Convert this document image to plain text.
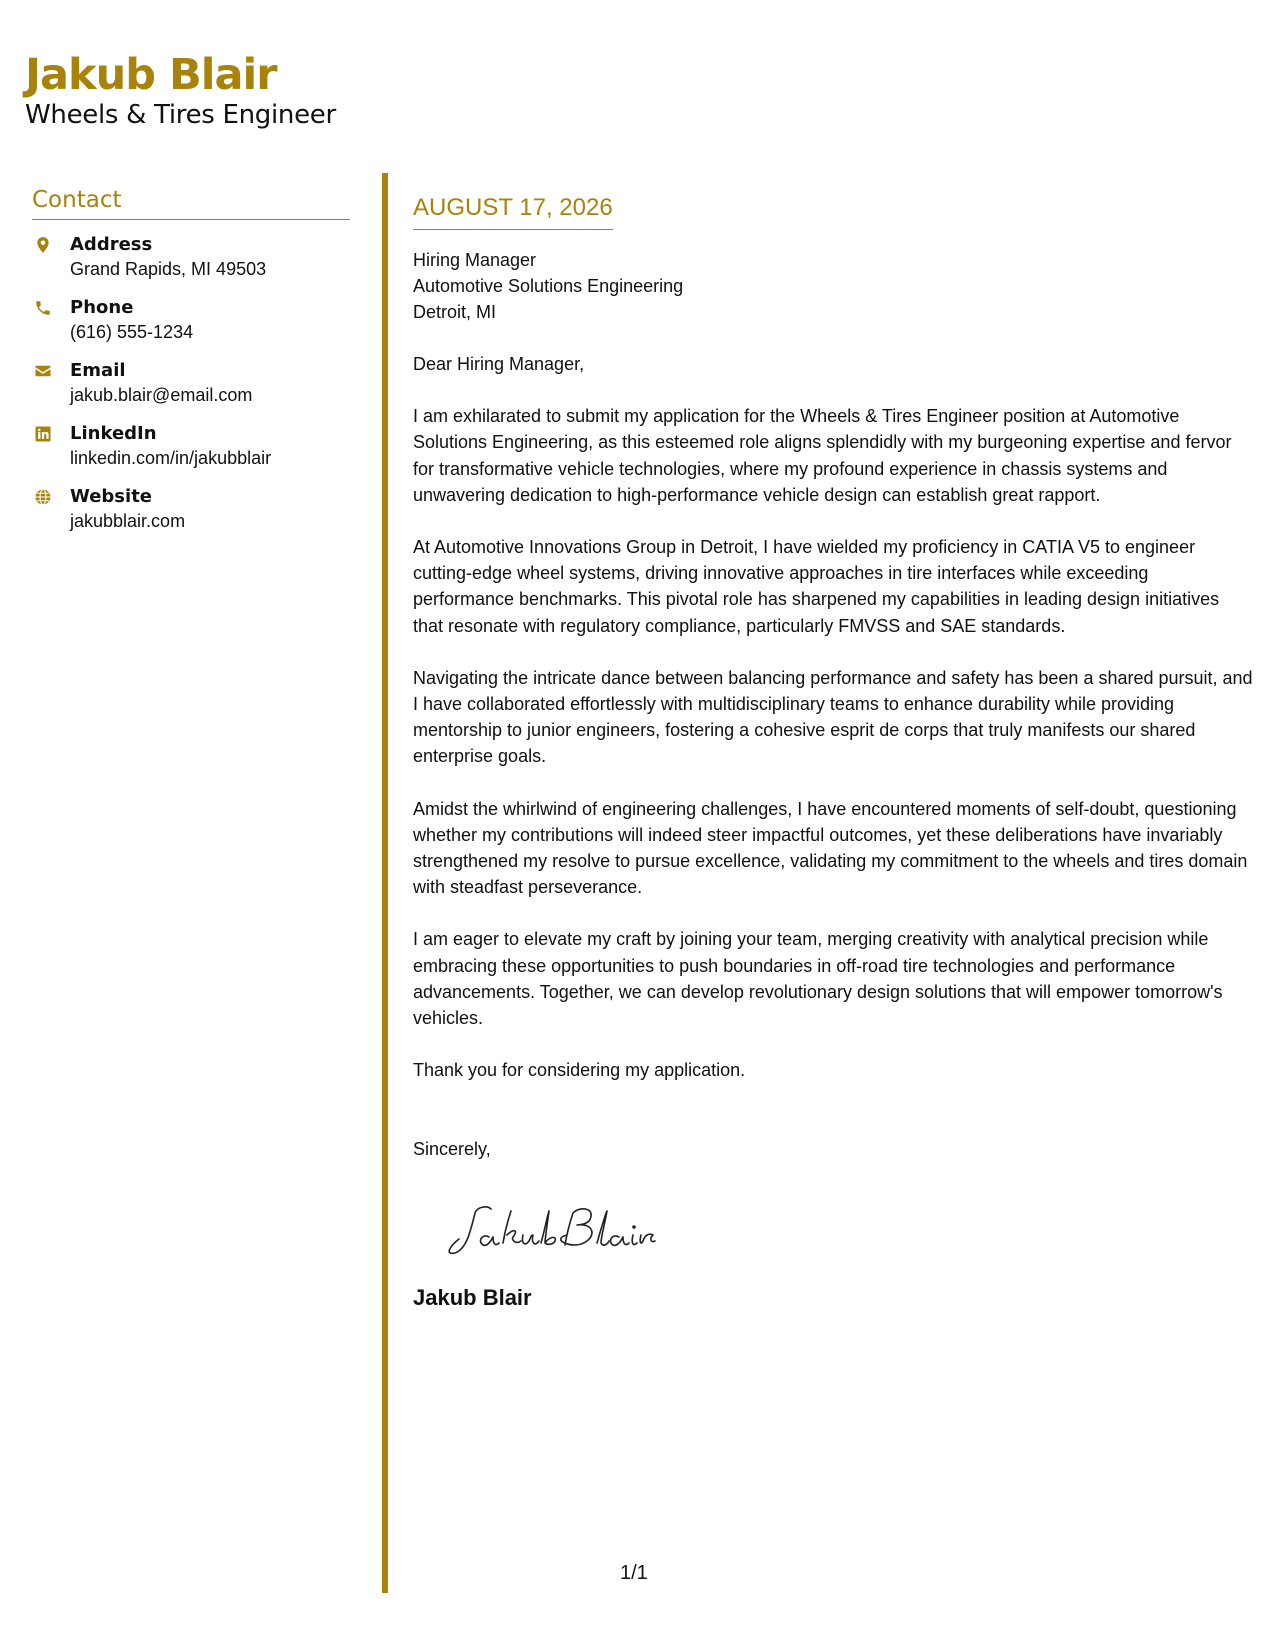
Jakub Blair
Wheels & Tires Engineer
Contact
Address
Grand Rapids, MI 49503
Phone
(616) 555-1234
Email
jakub.blair@email.com
LinkedIn
linkedin.com/in/jakubblair
Website
jakubblair.com
AUGUST 17, 2026
Hiring Manager
Automotive Solutions Engineering
Detroit, MI

Dear Hiring Manager,

I am exhilarated to submit my application for the Wheels & Tires Engineer position at Automotive Solutions Engineering, as this esteemed role aligns splendidly with my burgeoning expertise and fervor for transformative vehicle technologies, where my profound experience in chassis systems and unwavering dedication to high-performance vehicle design can establish great rapport.

At Automotive Innovations Group in Detroit, I have wielded my proficiency in CATIA V5 to engineer cutting-edge wheel systems, driving innovative approaches in tire interfaces while exceeding performance benchmarks. This pivotal role has sharpened my capabilities in leading design initiatives that resonate with regulatory compliance, particularly FMVSS and SAE standards.

Navigating the intricate dance between balancing performance and safety has been a shared pursuit, and I have collaborated effortlessly with multidisciplinary teams to enhance durability while providing mentorship to junior engineers, fostering a cohesive esprit de corps that truly manifests our shared enterprise goals.

Amidst the whirlwind of engineering challenges, I have encountered moments of self-doubt, questioning whether my contributions will indeed steer impactful outcomes, yet these deliberations have invariably strengthened my resolve to pursue excellence, validating my commitment to the wheels and tires domain with steadfast perseverance.

I am eager to elevate my craft by joining your team, merging creativity with analytical precision while embracing these opportunities to push boundaries in off-road tire technologies and performance advancements. Together, we can develop revolutionary design solutions that will empower tomorrow's vehicles.

Thank you for considering my application.

Sincerely,

Jakub Blair
1/1
